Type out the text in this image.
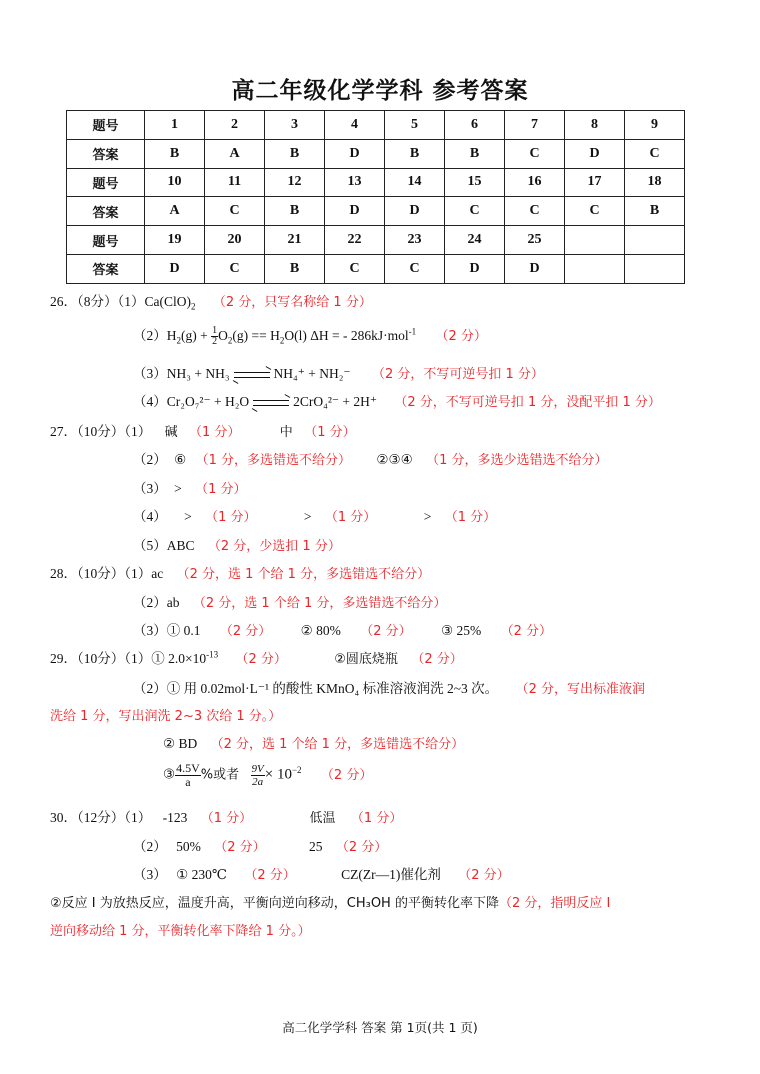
高二年级化学学科 参考答案
题号	1	2	3	4	5	6	7	8	9
答案	B	A	B	D	B	B	C	D	C
题号	10	11	12	13	14	15	16	17	18
答案	A	C	B	D	D	C	C	C	B
题号	19	20	21	22	23	24	25		
答案	D	C	B	C	C	D	D		
26．（8分）$(1)Ca(ClO)_2$ （2 分，只写名称给 1 分）
$(2)H_2(g) + \frac{1}{2} O_2(g) == H_2O(l) \Delta H$ = - 286kJ·mol$^{-1}$ （2 分）
（3）NH₃ + NH₃	NH₄⁺ + NH₂⁻ （2 分，不写可逆号扣 1 分）
（4）Cr₂O₇²⁻ + H₂O	2CrO₄²⁻ + 2H⁺ （2 分，不写可逆号扣 1 分，没配平扣 1 分）
27．（10分）（1） 碱 （1 分）	中 （1 分）
（2） ⑥ （1 分，多选错选不给分） ②③④ （1 分，多选少选错选不给分）
（3） > （1 分）
（4） > （1 分）	> （1 分）	> （1 分）
（5）ABC （2 分，少选扣 1 分）
28．（10分）（1）ac （2 分，选 1 个给 1 分，多选错选不给分）
（2）ab （2 分，选 1 个给 1 分，多选错选不给分）
（3）① 0.1 （2 分） ② 80% （2 分） ③ 25% （2 分）
29．（10分）（1）① $2.0\times 10^{-13}$ （2 分）	②圆底烧瓶 （2 分）
（2）① 用 0.02mol·L⁻¹ 的酸性 KMnO₄ 标准溶液润洗 2~3 次。 （2 分，写出标准液润
洗给 1 分，写出润洗 2~3 次给 1 分。）
② BD （2 分，选 1 个给 1 分，多选错选不给分）
③ $\frac{4.5V}{a}$ %或者 $\frac{9V}{2a} \times 10^{-2}$ （2 分）
30．（12分）（1） -123 （1 分）	低温 （1 分）
（2） 50% （2 分）	25 （2 分）
（3） ① 230℃ （2 分）	CZ(Zr—1)催化剂 （2 分）
②反应 I 为放热反应，温度升高，平衡向逆向移动，CH₃OH 的平衡转化率下降（2 分，指明反应 I
逆向移动给 1 分，平衡转化率下降给 1 分。）
高二化学学科 答案 第 1页(共 1 页)
